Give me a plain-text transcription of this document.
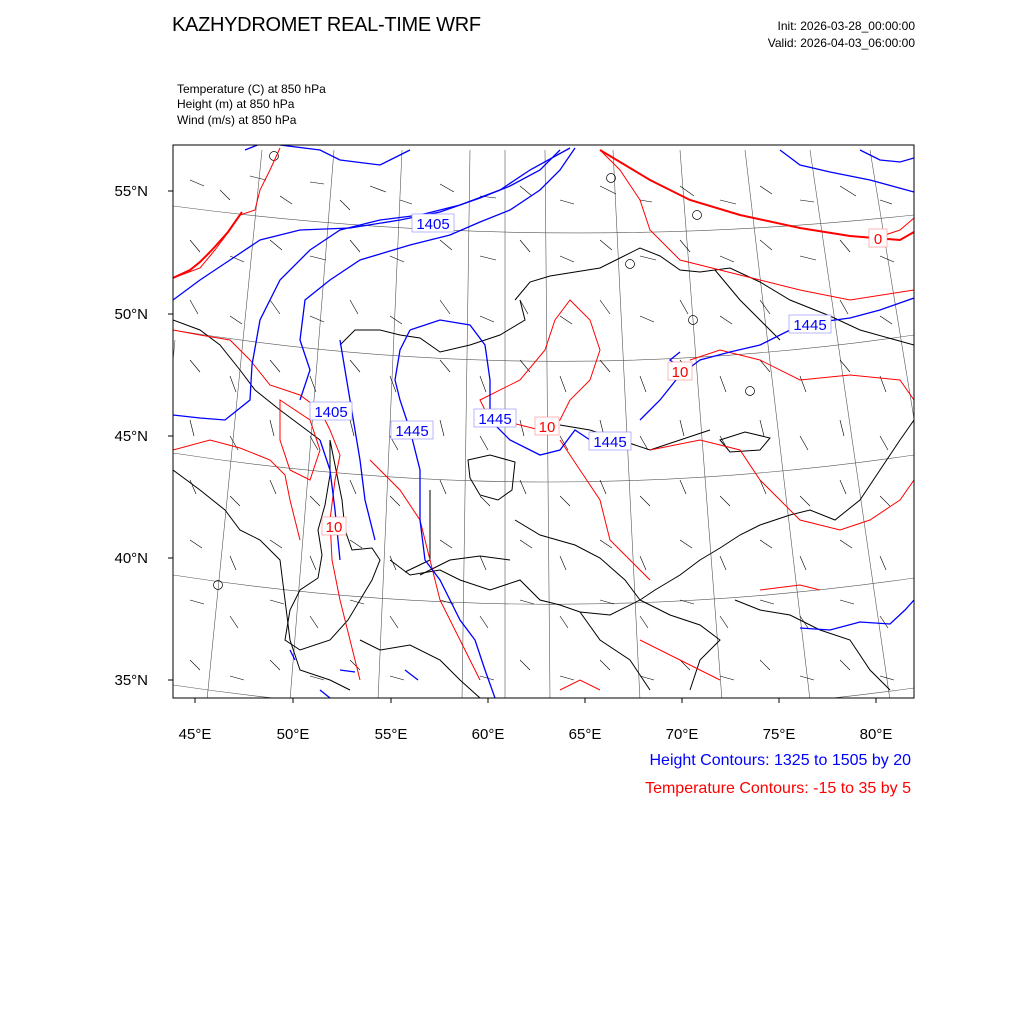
KAZHYDROMET REAL-TIME WRF	Init: 2026-03-28_00:00:00
Valid: 2026-04-03_06:00:00
Temperature (C) at 850 hPa
Height (m) at 850 hPa
Wind (m/s) at 850 hPa
55°N
50°N
45°N
40°N
35°N
45°E	50°E	55°E	60°E	65°E	70°E	75°E	80°E
1405
1405
1445
1445
1445
1445
10
10
10
0
Height Contours: 1325 to 1505 by 20
Temperature Contours: -15 to 35 by 5
